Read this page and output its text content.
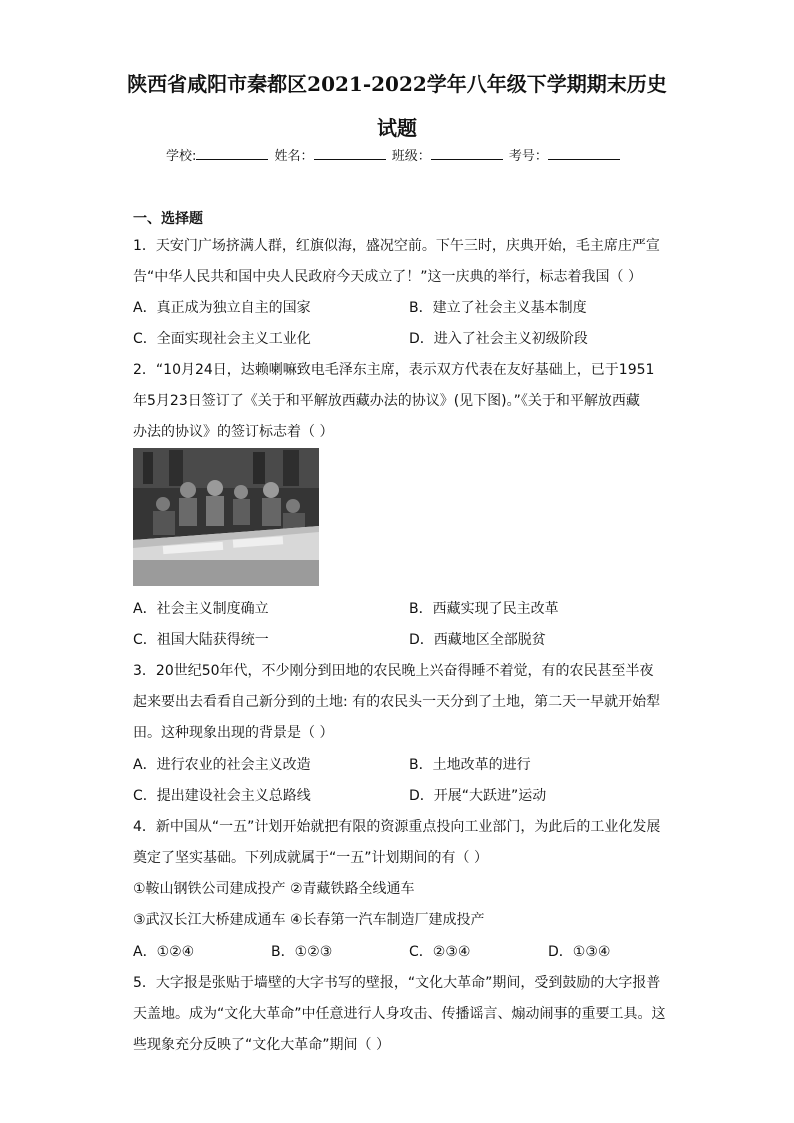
陕西省咸阳市秦都区2021-2022学年八年级下学期期末历史
试题
学校:	姓名：	班级：	考号：
一、选择题
1．天安门广场挤满人群，红旗似海，盛况空前。下午三时，庆典开始，毛主席庄严宣
告“中华人民共和国中央人民政府今天成立了！”这一庆典的举行，标志着我国（ ）
A．真正成为独立自主的国家	B．建立了社会主义基本制度
C．全面实现社会主义工业化	D．进入了社会主义初级阶段
2．“10月24日，达赖喇嘛致电毛泽东主席，表示双方代表在友好基础上，已于1951
年5月23日签订了《关于和平解放西藏办法的协议》(见下图)。”《关于和平解放西藏
办法的协议》的签订标志着（ ）
A．社会主义制度确立	B．西藏实现了民主改革
C．祖国大陆获得统一	D．西藏地区全部脱贫
3．20世纪50年代，不少刚分到田地的农民晚上兴奋得睡不着觉，有的农民甚至半夜
起来要出去看看自己新分到的土地: 有的农民头一天分到了土地，第二天一早就开始犁
田。这种现象出现的背景是（ ）
A．进行农业的社会主义改造	B．土地改革的进行
C．提出建设社会主义总路线	D．开展“大跃进”运动
4．新中国从“一五”计划开始就把有限的资源重点投向工业部门，为此后的工业化发展
奠定了坚实基础。下列成就属于“一五”计划期间的有（ ）
①鞍山钢铁公司建成投产 ②青藏铁路全线通车
③武汉长江大桥建成通车 ④长春第一汽车制造厂建成投产
A．①②④	B．①②③	C．②③④	D．①③④
5．大字报是张贴于墙壁的大字书写的壁报，“文化大革命”期间，受到鼓励的大字报普
天盖地。成为“文化大革命”中任意进行人身攻击、传播谣言、煽动闹事的重要工具。这
些现象充分反映了“文化大革命”期间（ ）
